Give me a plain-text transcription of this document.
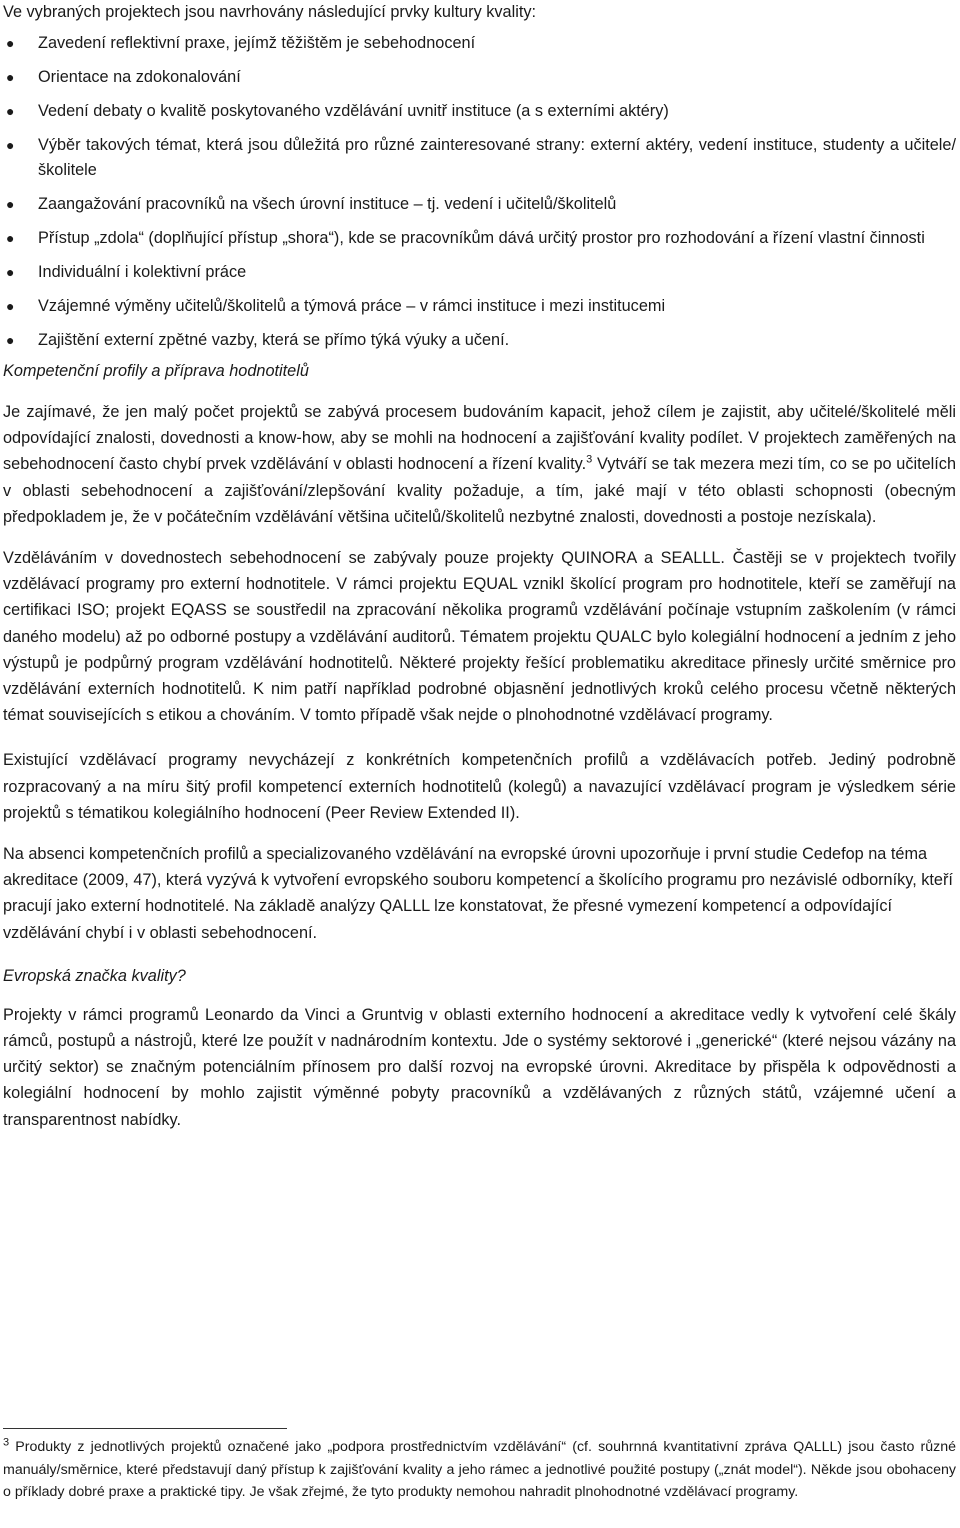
Ve vybraných projektech jsou navrhovány následující prvky kultury kvality:

● Zavedení reflektivní praxe, jejímž těžištěm je sebehodnocení
● Orientace na zdokonalování
● Vedení debaty o kvalitě poskytovaného vzdělávání uvnitř instituce (a s externími aktéry)
● Výběr takových témat, která jsou důležitá pro různé zainteresované strany: externí aktéry, vedení instituce, studenty a učitele/školitele
● Zaangažování pracovníků na všech úrovní instituce – tj. vedení i učitelů/školitelů
● Přístup „zdola“ (doplňující přístup „shora“), kde se pracovníkům dává určitý prostor pro rozhodování a řízení vlastní činnosti
● Individuální i kolektivní práce
● Vzájemné výměny učitelů/školitelů a týmová práce – v rámci instituce i mezi institucemi
● Zajištění externí zpětné vazby, která se přímo týká výuky a učení.

Kompetenční profily a příprava hodnotitelů

Je zajímavé, že jen malý počet projektů se zabývá procesem budováním kapacit, jehož cílem je zajistit, aby učitelé/školitelé měli odpovídající znalosti, dovednosti a know-how, aby se mohli na hodnocení a zajišťování kvality podílet. V projektech zaměřených na sebehodnocení často chybí prvek vzdělávání v oblasti hodnocení a řízení kvality.$^3$ Vytváří se tak mezera mezi tím, co se po učitelích v oblasti sebehodnocení a zajišťování/zlepšování kvality požaduje, a tím, jaké mají v této oblasti schopnosti (obecným předpokladem je, že v počátečním vzdělávání většina učitelů/školitelů nezbytné znalosti, dovednosti a postoje nezískala).

Vzděláváním v dovednostech sebehodnocení se zabývaly pouze projekty QUINORA a SEALLL. Častěji se v projektech tvořily vzdělávací programy pro externí hodnotitele. V rámci projektu EQUAL vznikl školící program pro hodnotitele, kteří se zaměřují na certifikaci ISO; projekt EQASS se soustředil na zpracování několika programů vzdělávání počínaje vstupním zaškolením (v rámci daného modelu) až po odborné postupy a vzdělávání auditorů. Tématem projektu QUALC bylo kolegiální hodnocení a jedním z jeho výstupů je podpůrný program vzdělávání hodnotitelů. Některé projekty řešící problematiku akreditace přinesly určité směrnice pro vzdělávání externích hodnotitelů. K nim patří například podrobné objasnění jednotlivých kroků celého procesu včetně některých témat souvisejících s etikou a chováním. V tomto případě však nejde o plnohodnotné vzdělávací programy.

Existující vzdělávací programy nevycházejí z konkrétních kompetenčních profilů a vzdělávacích potřeb. Jediný podrobně rozpracovaný a na míru šitý profil kompetencí externích hodnotitelů (kolegů) a navazující vzdělávací program je výsledkem série projektů s tématikou kolegiálního hodnocení (Peer Review Extended II).

Na absenci kompetenčních profilů a specializovaného vzdělávání na evropské úrovni upozorňuje i první studie Cedefop na téma akreditace (2009, 47), která vyzývá k vytvoření evropského souboru kompetencí a školícího programu pro nezávislé odborníky, kteří pracují jako externí hodnotitelé. Na základě analýzy QALLL lze konstatovat, že přesné vymezení kompetencí a odpovídající vzdělávání chybí i v oblasti sebehodnocení.

Evropská značka kvality?

Projekty v rámci programů Leonardo da Vinci a Gruntvig v oblasti externího hodnocení a akreditace vedly k vytvoření celé škály rámců, postupů a nástrojů, které lze použít v nadnárodním kontextu. Jde o systémy sektorové i „generické“ (které nejsou vázány na určitý sektor) se značným potenciálním přínosem pro další rozvoj na evropské úrovni. Akreditace by přispěla k odpovědnosti a kolegiální hodnocení by mohlo zajistit výměnné pobyty pracovníků a vzdělávaných z různých států, vzájemné učení a transparentnost nabídky.

$^3$ Produkty z jednotlivých projektů označené jako „podpora prostřednictvím vzdělávání“ (cf. souhrnná kvantitativní zpráva QALLL) jsou často různé manuály/směrnice, které představují daný přístup k zajišťování kvality a jeho rámec a jednotlivé použité postupy („znát model“). Někde jsou obohaceny o příklady dobré praxe a praktické tipy. Je však zřejmé, že tyto produkty nemohou nahradit plnohodnotné vzdělávací programy.
